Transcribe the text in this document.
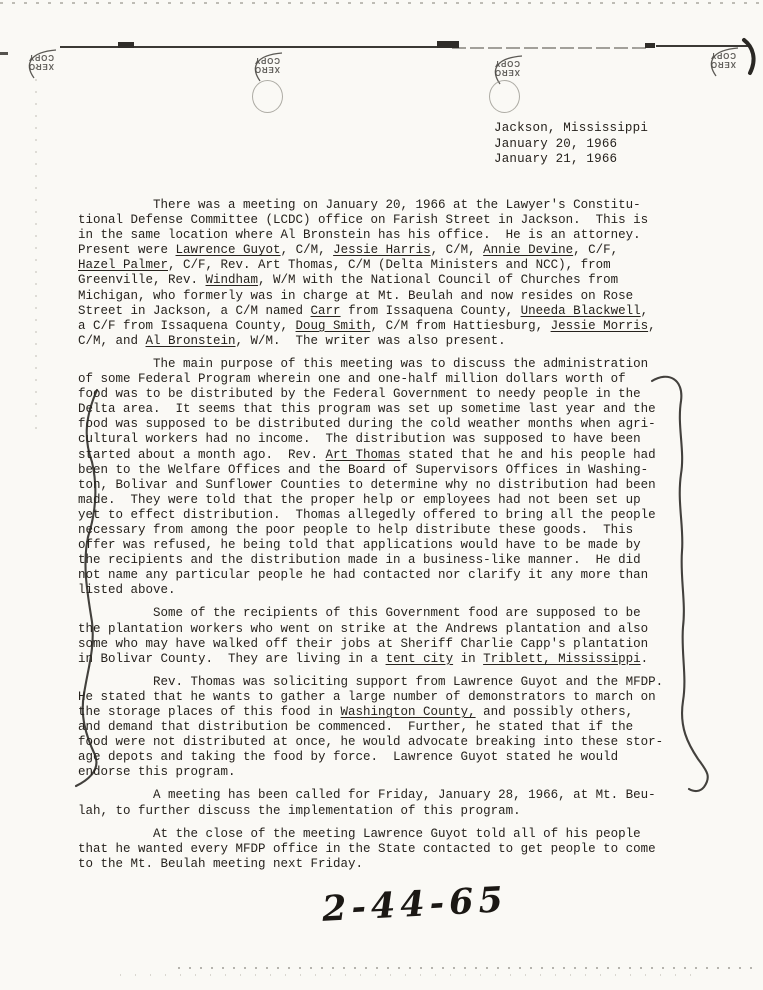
XERO
COPY
XERO
COPY
XERO
COPY	XERO
COPY
Jackson, Mississippi
January 20, 1966
January 21, 1966
There was a meeting on January 20, 1966 at the Lawyer's Constitu-
tional Defense Committee (LCDC) office on Farish Street in Jackson.  This is
in the same location where Al Bronstein has his office.  He is an attorney.
Present were Lawrence Guyot, C/M, Jessie Harris, C/M, Annie Devine, C/F,
Hazel Palmer, C/F, Rev. Art Thomas, C/M (Delta Ministers and NCC), from
Greenville, Rev. Windham, W/M with the National Council of Churches from
Michigan, who formerly was in charge at Mt. Beulah and now resides on Rose
Street in Jackson, a C/M named Carr from Issaquena County, Uneeda Blackwell,
a C/F from Issaquena County, Doug Smith, C/M from Hattiesburg, Jessie Morris,
C/M, and Al Bronstein, W/M.  The writer was also present.
The main purpose of this meeting was to discuss the administration
of some Federal Program wherein one and one-half million dollars worth of
food was to be distributed by the Federal Government to needy people in the
Delta area.  It seems that this program was set up sometime last year and the
food was supposed to be distributed during the cold weather months when agri-
cultural workers had no income.  The distribution was supposed to have been
started about a month ago.  Rev. Art Thomas stated that he and his people had
been to the Welfare Offices and the Board of Supervisors Offices in Washing-
ton, Bolivar and Sunflower Counties to determine why no distribution had been
made.  They were told that the proper help or employees had not been set up
yet to effect distribution.  Thomas allegedly offered to bring all the people
necessary from among the poor people to help distribute these goods.  This
offer was refused, he being told that applications would have to be made by
the recipients and the distribution made in a business-like manner.  He did
not name any particular people he had contacted nor clarify it any more than
listed above.
Some of the recipients of this Government food are supposed to be
the plantation workers who went on strike at the Andrews plantation and also
some who may have walked off their jobs at Sheriff Charlie Capp's plantation
in Bolivar County.  They are living in a tent city in Triblett, Mississippi.
Rev. Thomas was soliciting support from Lawrence Guyot and the MFDP.
He stated that he wants to gather a large number of demonstrators to march on
the storage places of this food in Washington County, and possibly others,
and demand that distribution be commenced.  Further, he stated that if the
food were not distributed at once, he would advocate breaking into these stor-
age depots and taking the food by force.  Lawrence Guyot stated he would
endorse this program.
A meeting has been called for Friday, January 28, 1966, at Mt. Beu-
lah, to further discuss the implementation of this program.
At the close of the meeting Lawrence Guyot told all of his people
that he wanted every MFDP office in the State contacted to get people to come
to the Mt. Beulah meeting next Friday.
2-44-65
